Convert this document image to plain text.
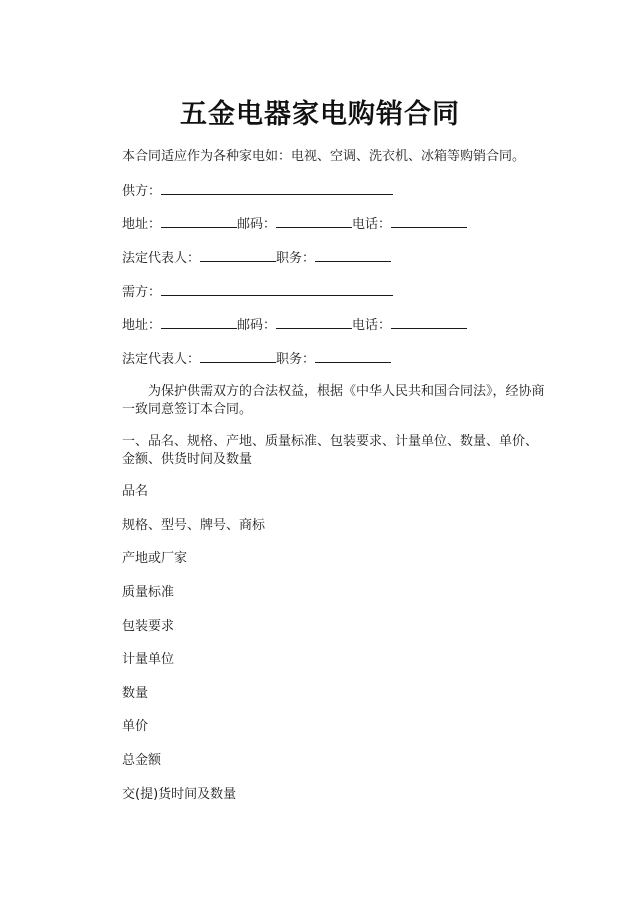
五金电器家电购销合同
本合同适应作为各种家电如：电视、空调、洗衣机、冰箱等购销合同。
供方：
地址：	邮码：	电话：
法定代表人：	职务：
需方：
地址：	邮码：	电话：
法定代表人：	职务：
为保护供需双方的合法权益，根据《中华人民共和国合同法》，经协商一致同意签订本合同。
一、品名、规格、产地、质量标准、包装要求、计量单位、数量、单价、金额、供货时间及数量
品名
规格、型号、牌号、商标
产地或厂家
质量标准
包装要求
计量单位
数量
单价
总金额
交(提)货时间及数量
